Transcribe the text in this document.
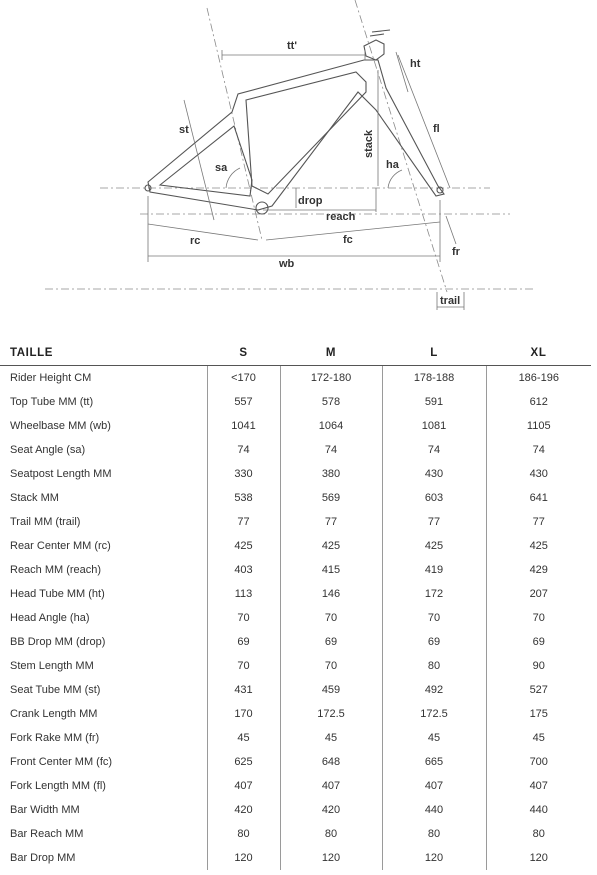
tt'
ht
st	fl
stack
sa	ha
drop
reach
rc	fc
fr
wb
trail
TAILLE	S	M	L	XL
Rider Height CM	<170	172-180	178-188	186-196
Top Tube MM (tt)	557	578	591	612
Wheelbase MM (wb)	1041	1064	1081	1105
Seat Angle (sa)	74	74	74	74
Seatpost Length MM	330	380	430	430
Stack MM	538	569	603	641
Trail MM (trail)	77	77	77	77
Rear Center MM (rc)	425	425	425	425
Reach MM (reach)	403	415	419	429
Head Tube MM (ht)	113	146	172	207
Head Angle (ha)	70	70	70	70
BB Drop MM (drop)	69	69	69	69
Stem Length MM	70	70	80	90
Seat Tube MM (st)	431	459	492	527
Crank Length MM	170	172.5	172.5	175
Fork Rake MM (fr)	45	45	45	45
Front Center MM (fc)	625	648	665	700
Fork Length MM (fl)	407	407	407	407
Bar Width MM	420	420	440	440
Bar Reach MM	80	80	80	80
Bar Drop MM	120	120	120	120
